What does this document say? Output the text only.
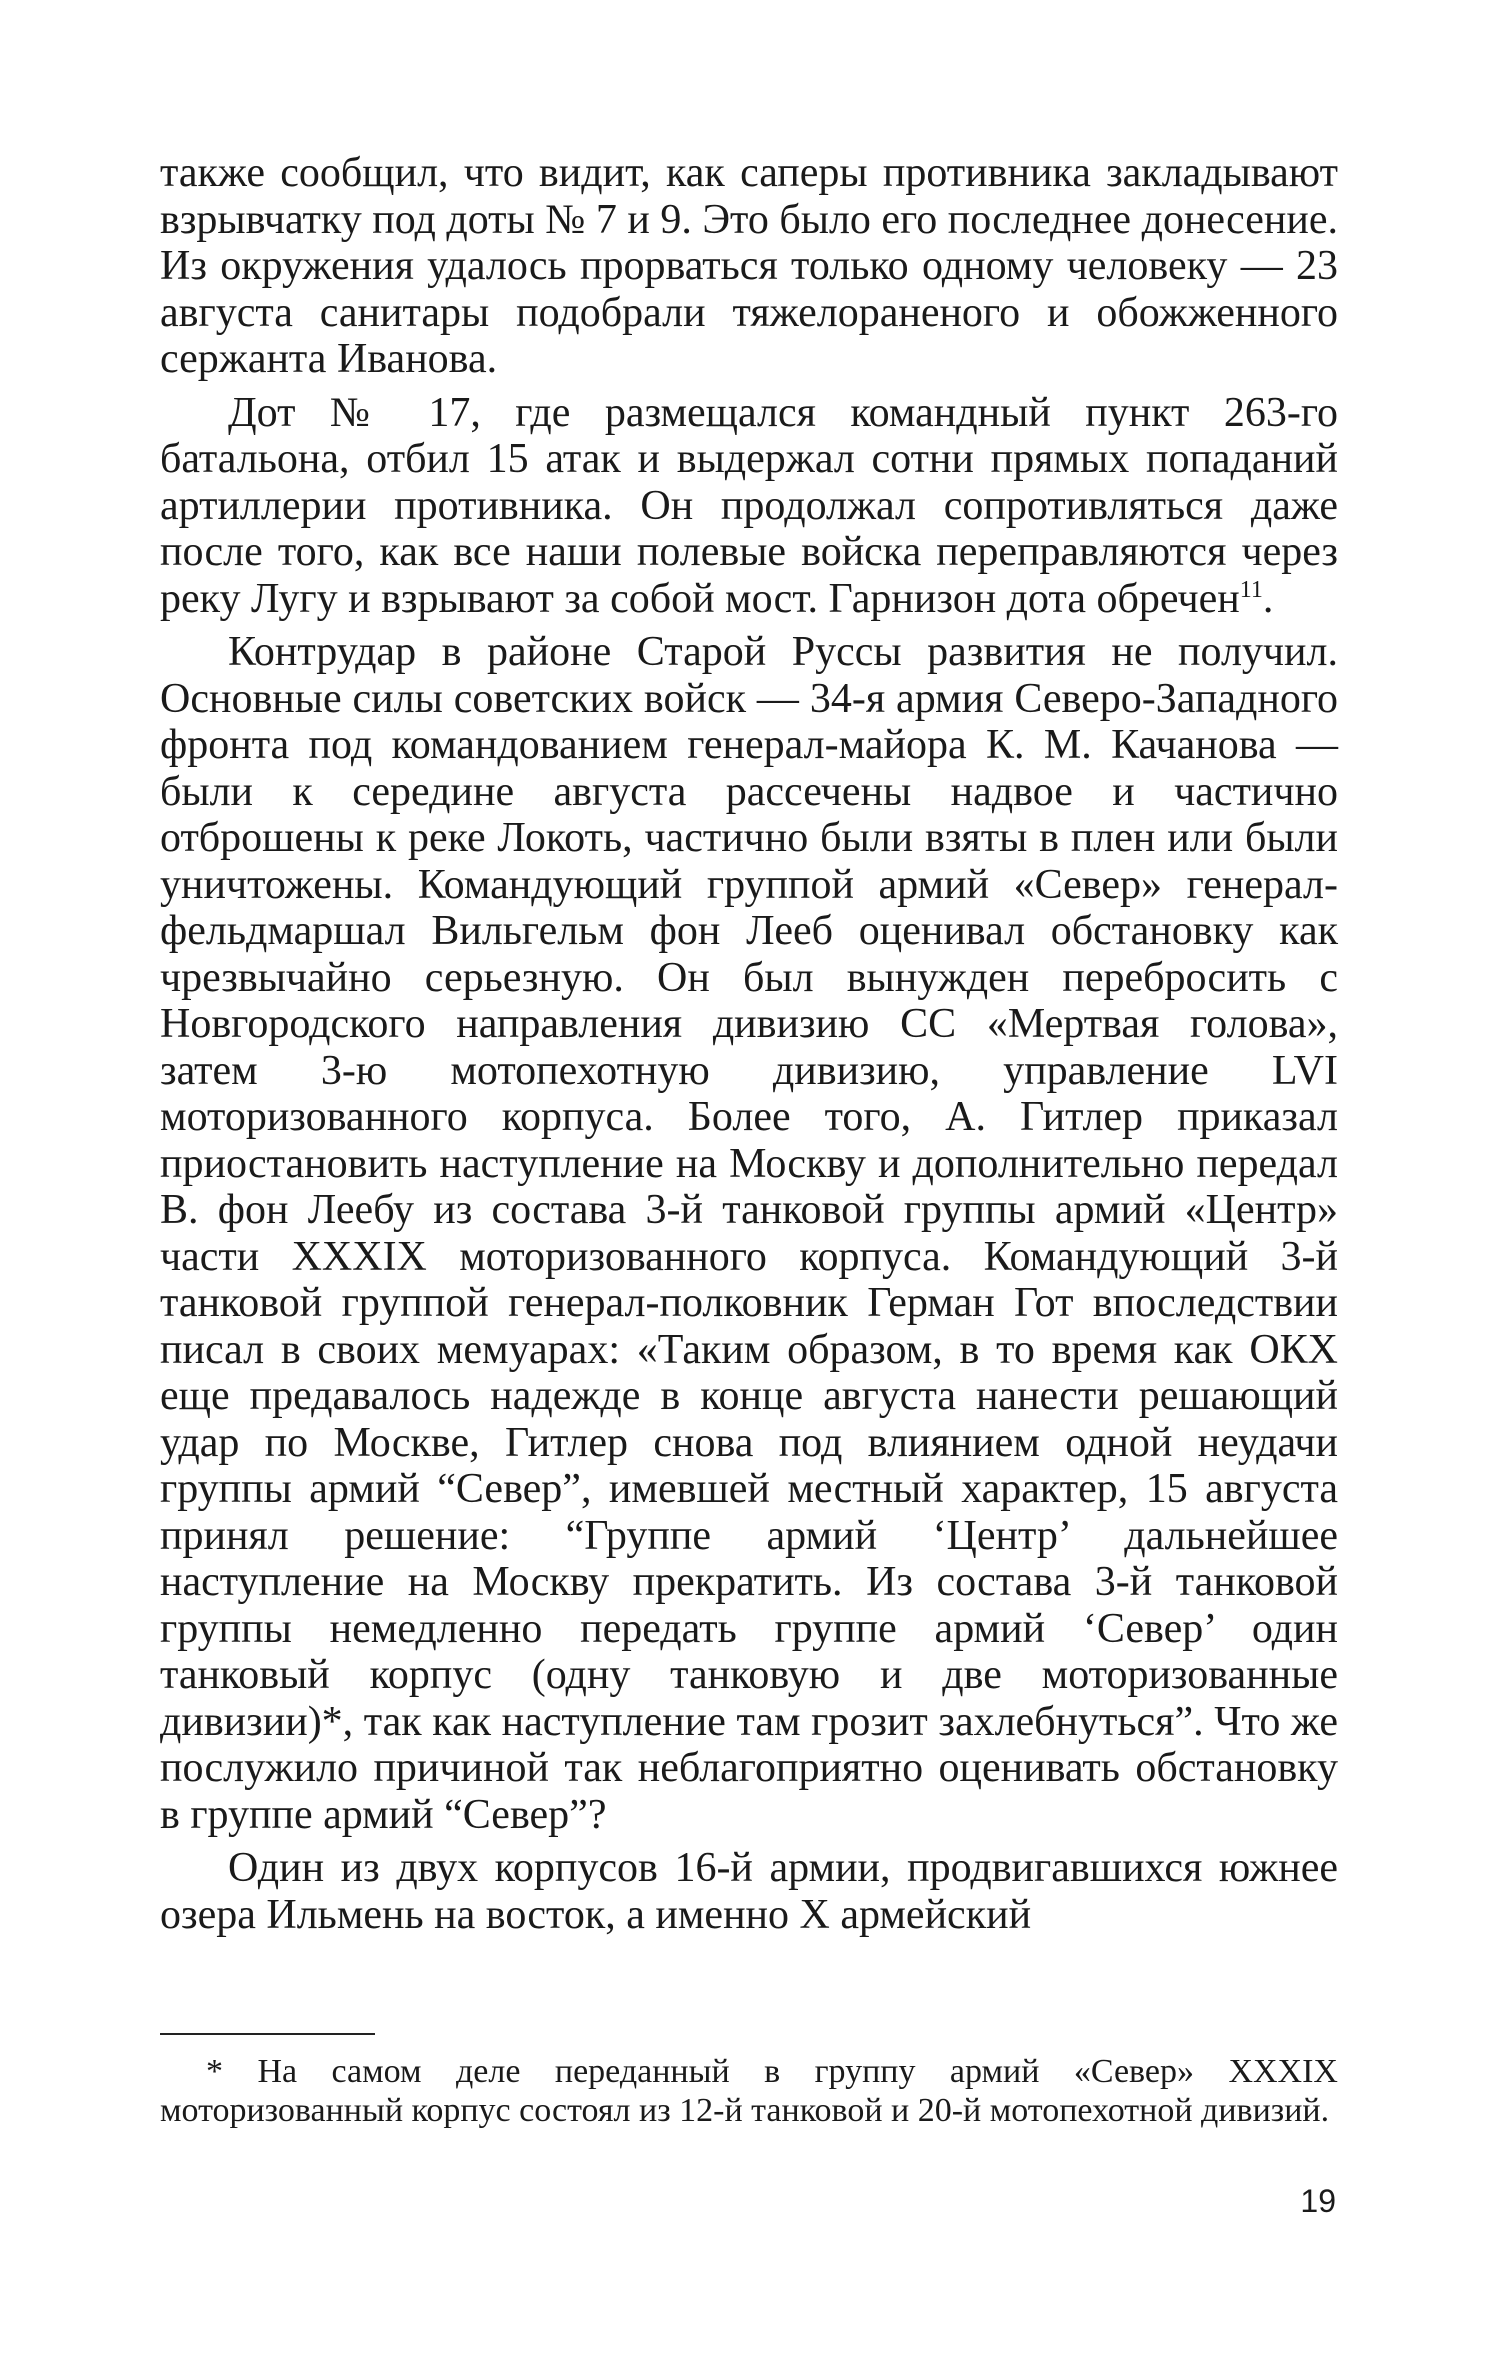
также сообщил, что видит, как саперы противника закладывают взрывчатку под доты № 7 и 9. Это было его последнее донесение. Из окружения удалось прорваться только одному человеку — 23 августа санитары подобрали тяжелораненого и обожженного сержанта Иванова.

Дот № 17, где размещался командный пункт 263-го батальона, отбил 15 атак и выдержал сотни прямых попаданий артиллерии противника. Он продолжал сопротивляться даже после того, как все наши полевые войска переправляются через реку Лугу и взрывают за собой мост. Гарнизон дота обречен$^{11}$.

Контрудар в районе Старой Руссы развития не получил. Основные силы советских войск — 34-я армия Северо-Западного фронта под командованием генерал-майора К. М. Качанова — были к середине августа рассечены надвое и частично отброшены к реке Локоть, частично были взяты в плен или были уничтожены. Командующий группой армий «Север» генерал-фельдмаршал Вильгельм фон Лееб оценивал обстановку как чрезвычайно серьезную. Он был вынужден перебросить с Новгородского направления дивизию СС «Мертвая голова», затем 3-ю мотопехотную дивизию, управление LVI моторизованного корпуса. Более того, А. Гитлер приказал приостановить наступление на Москву и дополнительно передал В. фон Леебу из состава 3-й танковой группы армий «Центр» части XXXIX моторизованного корпуса. Командующий 3-й танковой группой генерал-полковник Герман Гот впоследствии писал в своих мемуарах: «Таким образом, в то время как ОКХ еще предавалось надежде в конце августа нанести решающий удар по Москве, Гитлер снова под влиянием одной неудачи группы армий “Север”, имевшей местный характер, 15 августа принял решение: “Группе армий ‘Центр’ дальнейшее наступление на Москву прекратить. Из состава 3-й танковой группы немедленно передать группе армий ‘Север’ один танковый корпус (одну танковую и две моторизованные дивизии)*, так как наступление там грозит захлебнуться”. Что же послужило причиной так неблагоприятно оценивать обстановку в группе армий “Север”?

Один из двух корпусов 16-й армии, продвигавшихся южнее озера Ильмень на восток, а именно X армейский

* На самом деле переданный в группу армий «Север» XXXIX моторизованный корпус состоял из 12-й танковой и 20-й мотопехотной дивизий.

19
